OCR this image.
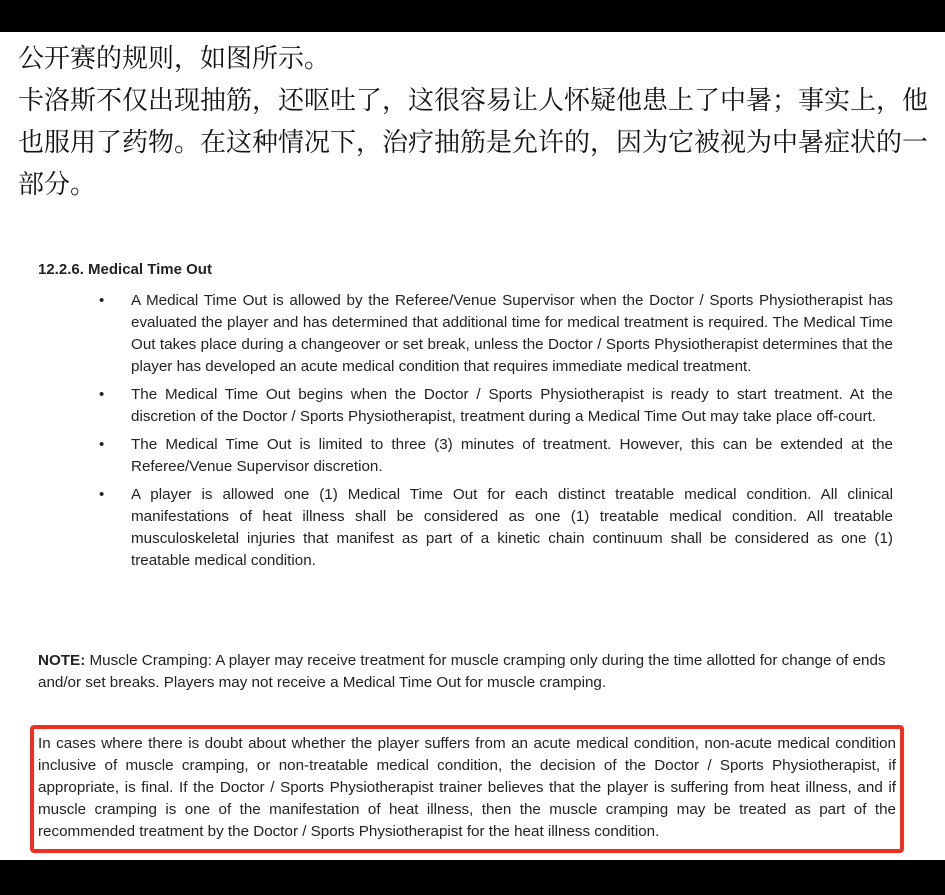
公开赛的规则，如图所示。

卡洛斯不仅出现抽筋，还呕吐了，这很容易让人怀疑他患上了中暑；事实上，他也服用了药物。在这种情况下，治疗抽筋是允许的，因为它被视为中暑症状的一部分。

12.2.6. Medical Time Out
• A Medical Time Out is allowed by the Referee/Venue Supervisor when the Doctor / Sports Physiotherapist has evaluated the player and has determined that additional time for medical treatment is required. The Medical Time Out takes place during a changeover or set break, unless the Doctor / Sports Physiotherapist determines that the player has developed an acute medical condition that requires immediate medical treatment.
• The Medical Time Out begins when the Doctor / Sports Physiotherapist is ready to start treatment. At the discretion of the Doctor / Sports Physiotherapist, treatment during a Medical Time Out may take place off-court.
• The Medical Time Out is limited to three (3) minutes of treatment. However, this can be extended at the Referee/Venue Supervisor discretion.
• A player is allowed one (1) Medical Time Out for each distinct treatable medical condition. All clinical manifestations of heat illness shall be considered as one (1) treatable medical condition. All treatable musculoskeletal injuries that manifest as part of a kinetic chain continuum shall be considered as one (1) treatable medical condition.

NOTE: Muscle Cramping: A player may receive treatment for muscle cramping only during the time allotted for change of ends and/or set breaks. Players may not receive a Medical Time Out for muscle cramping.

In cases where there is doubt about whether the player suffers from an acute medical condition, non-acute medical condition inclusive of muscle cramping, or non-treatable medical condition, the decision of the Doctor / Sports Physiotherapist, if appropriate, is final. If the Doctor / Sports Physiotherapist trainer believes that the player is suffering from heat illness, and if muscle cramping is one of the manifestation of heat illness, then the muscle cramping may be treated as part of the recommended treatment by the Doctor / Sports Physiotherapist for the heat illness condition.
